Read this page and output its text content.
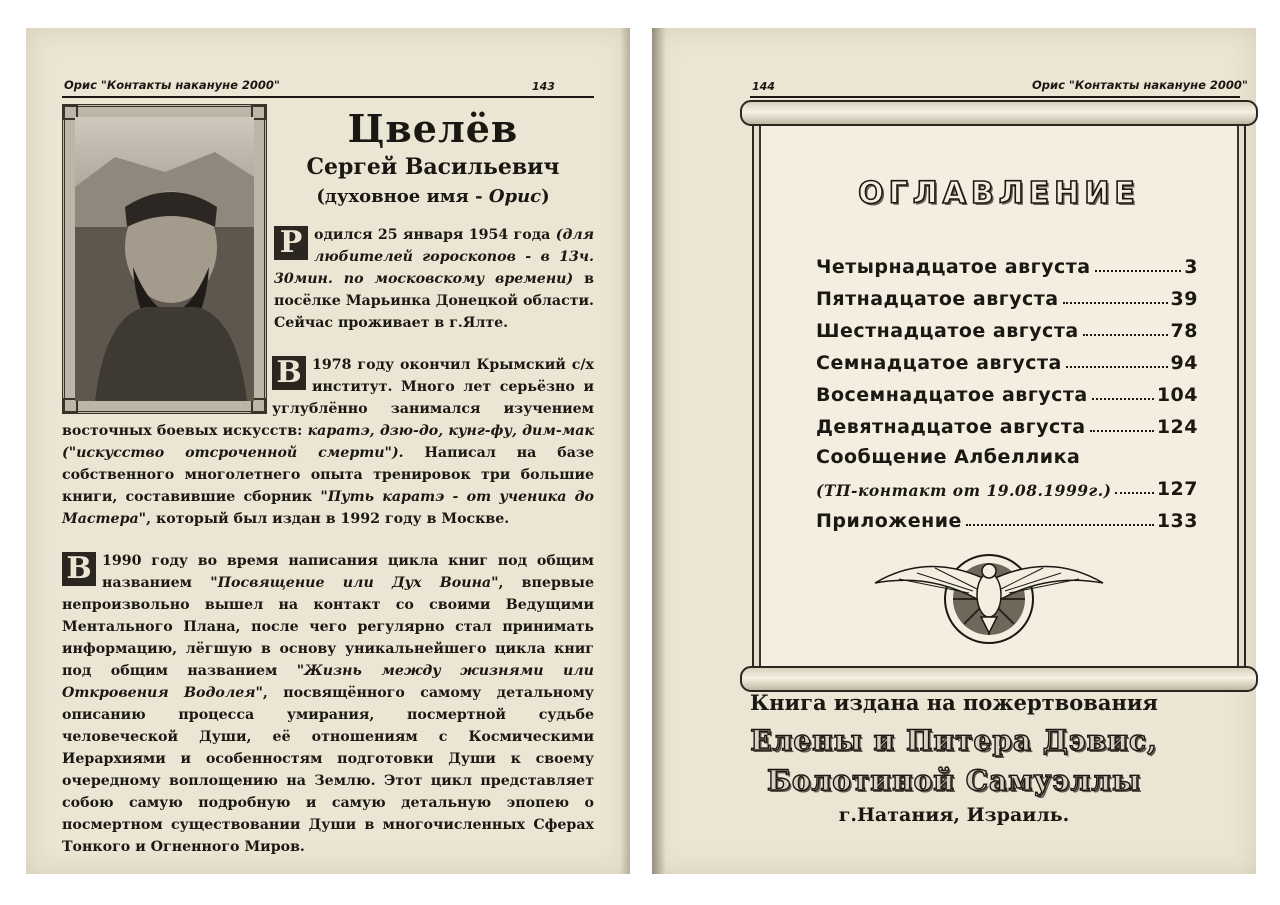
Орис "Контакты накануне 2000"	143
Цвелёв
Сергей Васильевич
(духовное имя - Орис)
Р одился 25 января 1954 года (для любителей гороскопов - в 13ч. 30мин. по московскому времени) в посёлке Марьинка Донецкой области. Сейчас проживает в г.Ялте.
В 1978 году окончил Крымский с/х институт. Много лет серьёзно и углублённо занимался изучением восточных боевых искусств: каратэ, дзю-до, кунг-фу, дим-мак ("искусство отсроченной смерти"). Написал на базе собственного многолетнего опыта тренировок три большие книги, составившие сборник "Путь каратэ - от ученика до Мастера", который был издан в 1992 году в Москве.
В 1990 году во время написания цикла книг под общим названием "Посвящение или Дух Воина", впервые непроизвольно вышел на контакт со своими Ведущими Ментального Плана, после чего регулярно стал принимать информацию, лёгшую в основу уникальнейшего цикла книг под общим названием "Жизнь между жизнями или Откровения Водолея", посвящённого самому детальному описанию процесса умирания, посмертной судьбе человеческой Души, её отношениям с Космическими Иерархиями и особенностям подготовки Души к своему очередному воплощению на Землю. Этот цикл представляет собою самую подробную и самую детальную эпопею о посмертном существовании Души в многочисленных Сферах Тонкого и Огненного Миров.
144	Орис "Контакты накануне 2000"
ОГЛАВЛЕНИЕ
Четырнадцатое августа	3
Пятнадцатое августа	39
Шестнадцатое августа	78
Семнадцатое августа	94
Восемнадцатое августа	104
Девятнадцатое августа	124
Сообщение Албеллика
(ТП-контакт от 19.08.1999г.) 127
Приложение	133
Книга издана на пожертвования
Елены и Питера Дэвис,
Болотиной Самуэллы
г.Натания, Израиль.
